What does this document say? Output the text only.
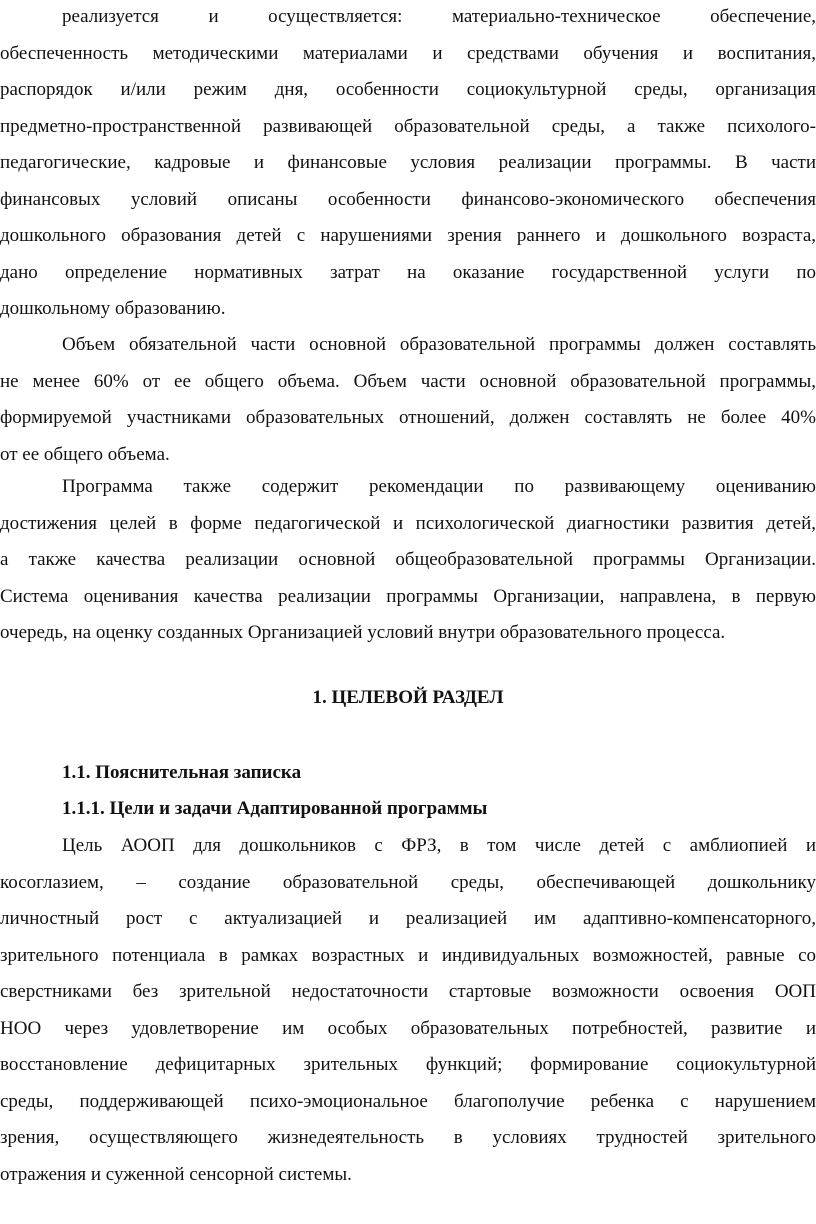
реализуется и осуществляется: материально-техническое обеспечение,
обеспеченность методическими материалами и средствами обучения и воспитания,
распорядок и/или режим дня, особенности социокультурной среды, организация
предметно-пространственной развивающей образовательной среды, а также психолого-
педагогические, кадровые и финансовые условия реализации программы. В части
финансовых условий описаны особенности финансово-экономического обеспечения
дошкольного образования детей с нарушениями зрения раннего и дошкольного возраста,
дано определение нормативных затрат на оказание государственной услуги по
дошкольному образованию.
Объем обязательной части основной образовательной программы должен составлять
не менее 60% от ее общего объема. Объем части основной образовательной программы,
формируемой участниками образовательных отношений, должен составлять не более 40%
от ее общего объема.
Программа также содержит рекомендации по развивающему оцениванию
достижения целей в форме педагогической и психологической диагностики развития детей,
а также качества реализации основной общеобразовательной программы Организации.
Система оценивания качества реализации программы Организации, направлена, в первую
очередь, на оценку созданных Организацией условий внутри образовательного процесса.
1. ЦЕЛЕВОЙ РАЗДЕЛ
1.1. Пояснительная записка
1.1.1. Цели и задачи Адаптированной программы
Цель АООП для дошкольников с ФРЗ, в том числе детей с амблиопией и
косоглазием, – создание образовательной среды, обеспечивающей дошкольнику
личностный рост с актуализацией и реализацией им адаптивно-компенсаторного,
зрительного потенциала в рамках возрастных и индивидуальных возможностей, равные со
сверстниками без зрительной недостаточности стартовые возможности освоения ООП
НОО через удовлетворение им особых образовательных потребностей, развитие и
восстановление дефицитарных зрительных функций; формирование социокультурной
среды, поддерживающей психо-эмоциональное благополучие ребенка с нарушением
зрения, осуществляющего жизнедеятельность в условиях трудностей зрительного
отражения и суженной сенсорной системы.
